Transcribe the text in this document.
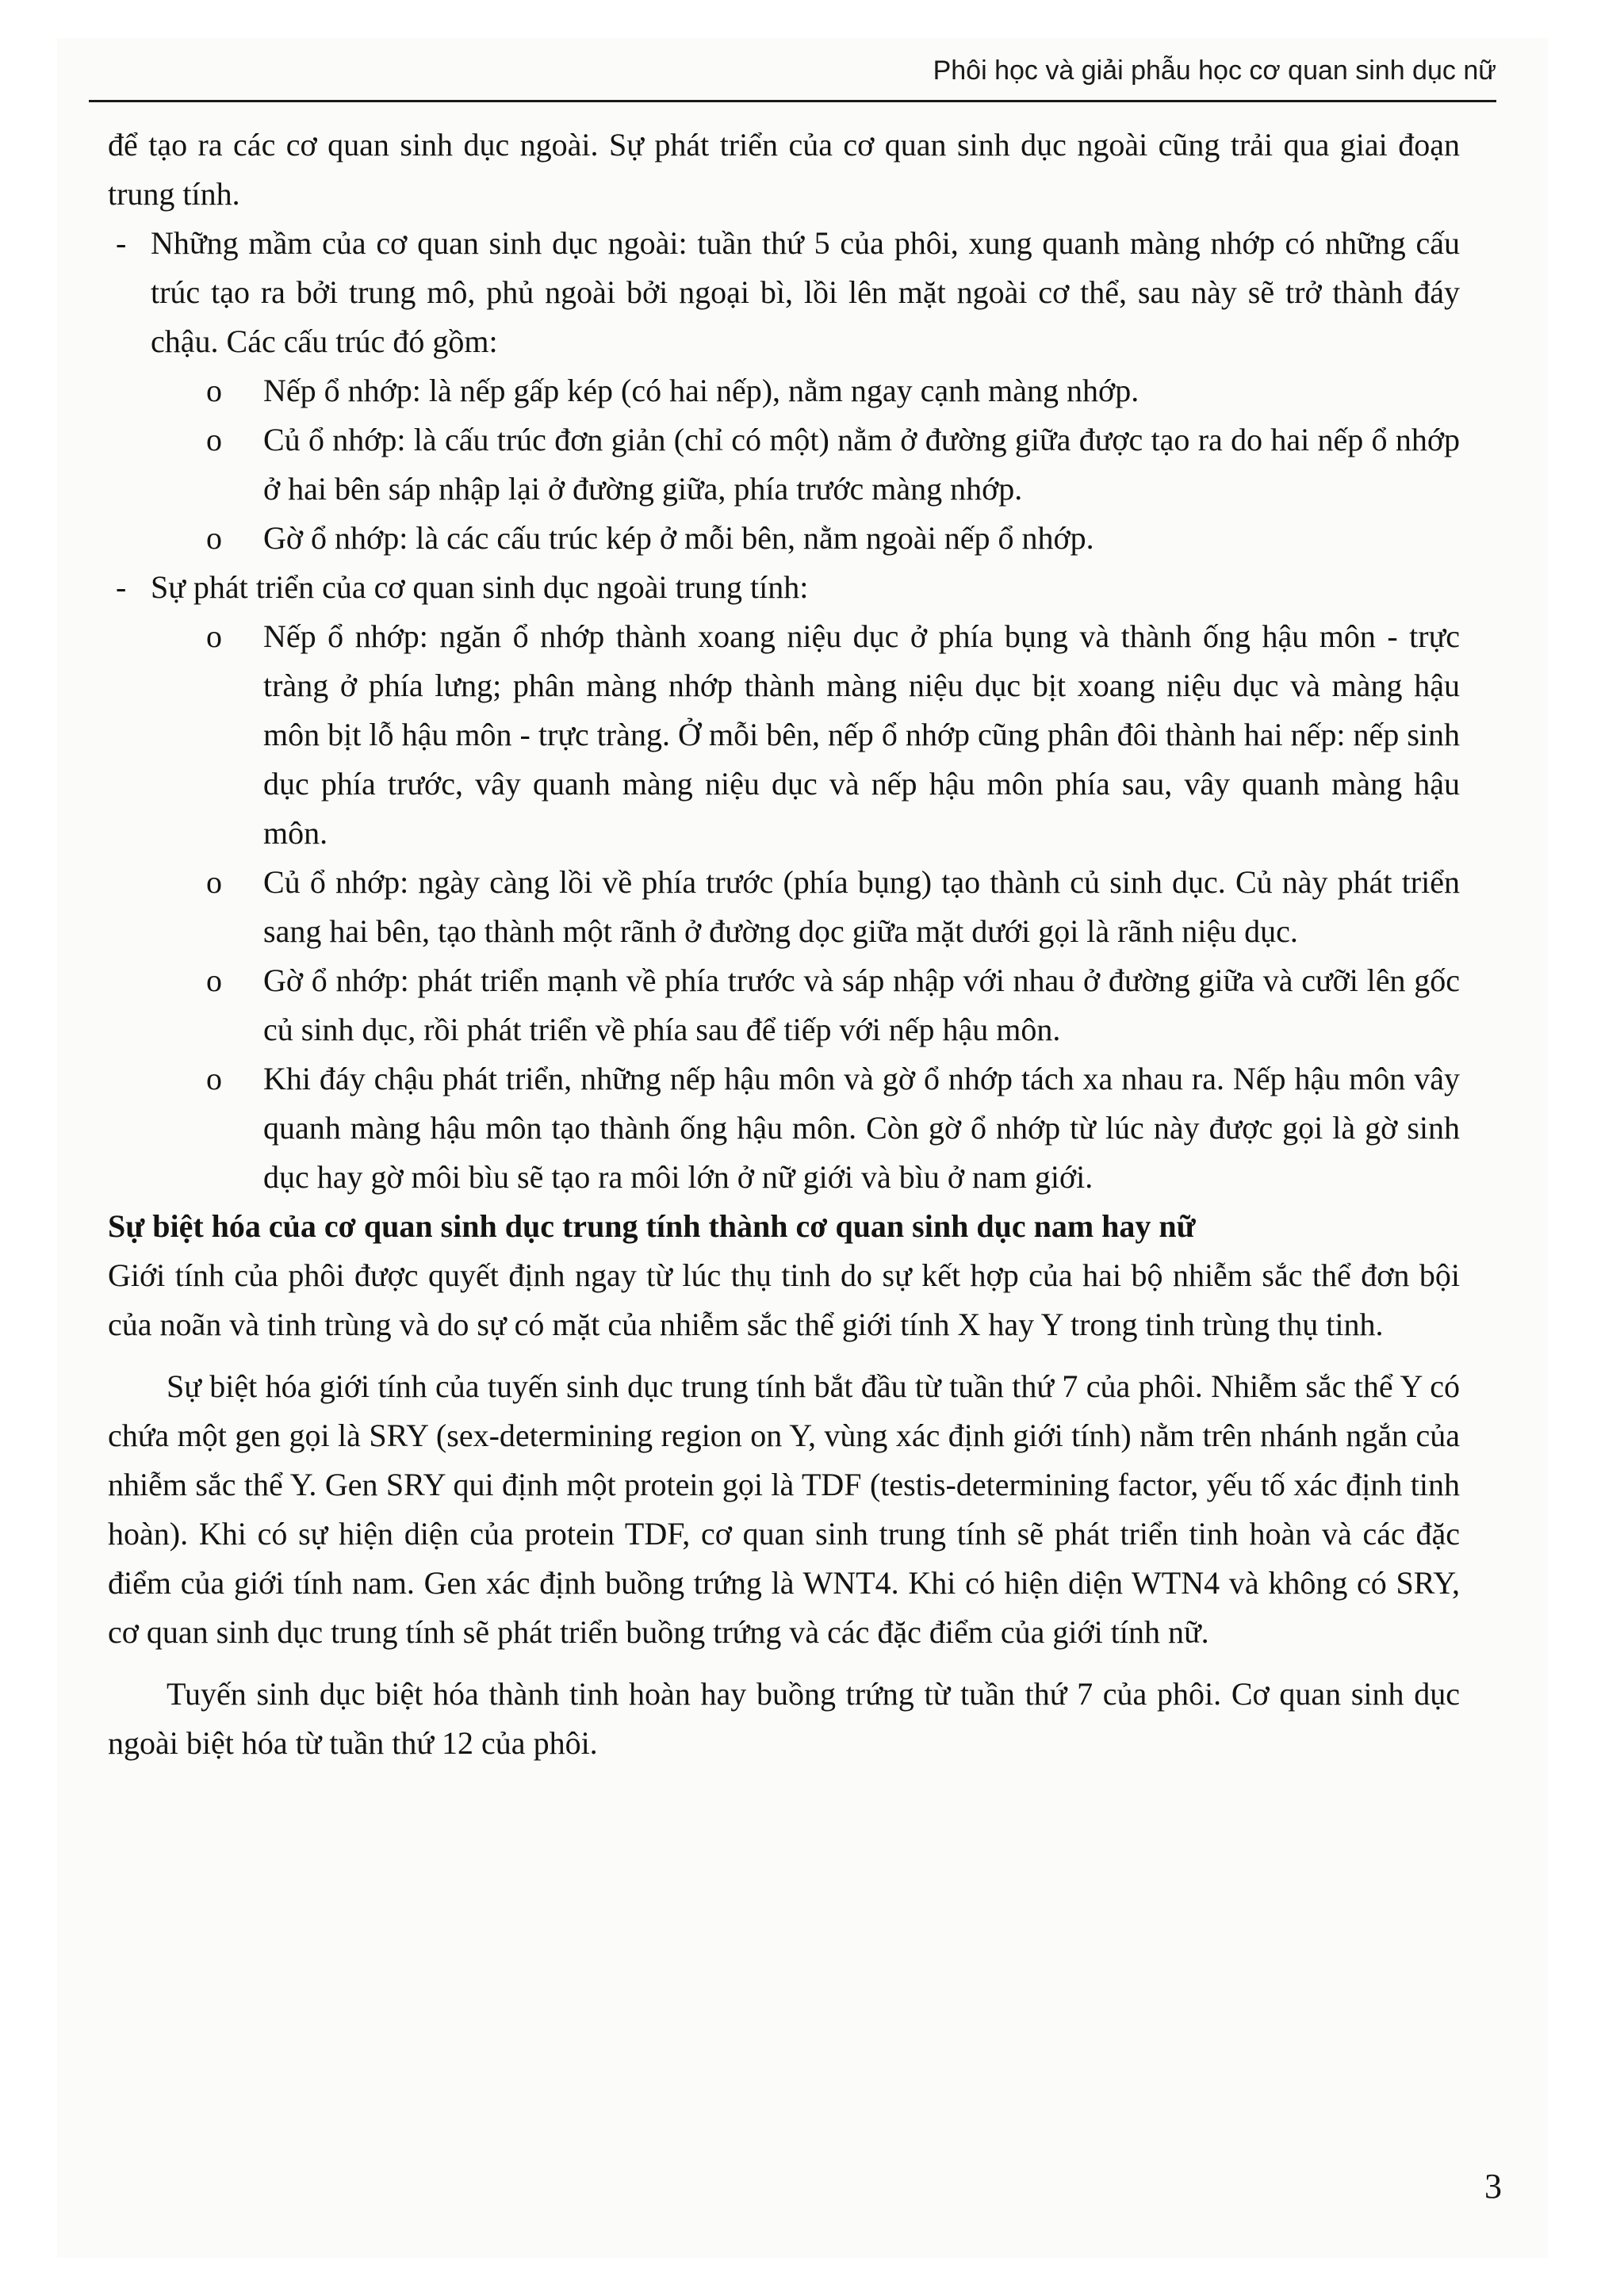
Phôi học và giải phẫu học cơ quan sinh dục nữ

để tạo ra các cơ quan sinh dục ngoài. Sự phát triển của cơ quan sinh dục ngoài cũng trải qua giai đoạn trung tính.

- Những mầm của cơ quan sinh dục ngoài: tuần thứ 5 của phôi, xung quanh màng nhớp có những cấu trúc tạo ra bởi trung mô, phủ ngoài bởi ngoại bì, lồi lên mặt ngoài cơ thể, sau này sẽ trở thành đáy chậu. Các cấu trúc đó gồm:

o Nếp ổ nhớp: là nếp gấp kép (có hai nếp), nằm ngay cạnh màng nhớp.

o Củ ổ nhớp: là cấu trúc đơn giản (chỉ có một) nằm ở đường giữa được tạo ra do hai nếp ổ nhớp ở hai bên sáp nhập lại ở đường giữa, phía trước màng nhớp.

o Gờ ổ nhớp: là các cấu trúc kép ở mỗi bên, nằm ngoài nếp ổ nhớp.

- Sự phát triển của cơ quan sinh dục ngoài trung tính:

o Nếp ổ nhớp: ngăn ổ nhớp thành xoang niệu dục ở phía bụng và thành ống hậu môn - trực tràng ở phía lưng; phân màng nhớp thành màng niệu dục bịt xoang niệu dục và màng hậu môn bịt lỗ hậu môn - trực tràng. Ở mỗi bên, nếp ổ nhớp cũng phân đôi thành hai nếp: nếp sinh dục phía trước, vây quanh màng niệu dục và nếp hậu môn phía sau, vây quanh màng hậu môn.

o Củ ổ nhớp: ngày càng lồi về phía trước (phía bụng) tạo thành củ sinh dục. Củ này phát triển sang hai bên, tạo thành một rãnh ở đường dọc giữa mặt dưới gọi là rãnh niệu dục.

o Gờ ổ nhớp: phát triển mạnh về phía trước và sáp nhập với nhau ở đường giữa và cưỡi lên gốc củ sinh dục, rồi phát triển về phía sau để tiếp với nếp hậu môn.

o Khi đáy chậu phát triển, những nếp hậu môn và gờ ổ nhớp tách xa nhau ra. Nếp hậu môn vây quanh màng hậu môn tạo thành ống hậu môn. Còn gờ ổ nhớp từ lúc này được gọi là gờ sinh dục hay gờ môi bìu sẽ tạo ra môi lớn ở nữ giới và bìu ở nam giới.

Sự biệt hóa của cơ quan sinh dục trung tính thành cơ quan sinh dục nam hay nữ

Giới tính của phôi được quyết định ngay từ lúc thụ tinh do sự kết hợp của hai bộ nhiễm sắc thể đơn bội của noãn và tinh trùng và do sự có mặt của nhiễm sắc thể giới tính X hay Y trong tinh trùng thụ tinh.

Sự biệt hóa giới tính của tuyến sinh dục trung tính bắt đầu từ tuần thứ 7 của phôi. Nhiễm sắc thể Y có chứa một gen gọi là SRY (sex-determining region on Y, vùng xác định giới tính) nằm trên nhánh ngắn của nhiễm sắc thể Y. Gen SRY qui định một protein gọi là TDF (testis-determining factor, yếu tố xác định tinh hoàn). Khi có sự hiện diện của protein TDF, cơ quan sinh trung tính sẽ phát triển tinh hoàn và các đặc điểm của giới tính nam. Gen xác định buồng trứng là WNT4. Khi có hiện diện WTN4 và không có SRY, cơ quan sinh dục trung tính sẽ phát triển buồng trứng và các đặc điểm của giới tính nữ.

Tuyến sinh dục biệt hóa thành tinh hoàn hay buồng trứng từ tuần thứ 7 của phôi. Cơ quan sinh dục ngoài biệt hóa từ tuần thứ 12 của phôi.

3
